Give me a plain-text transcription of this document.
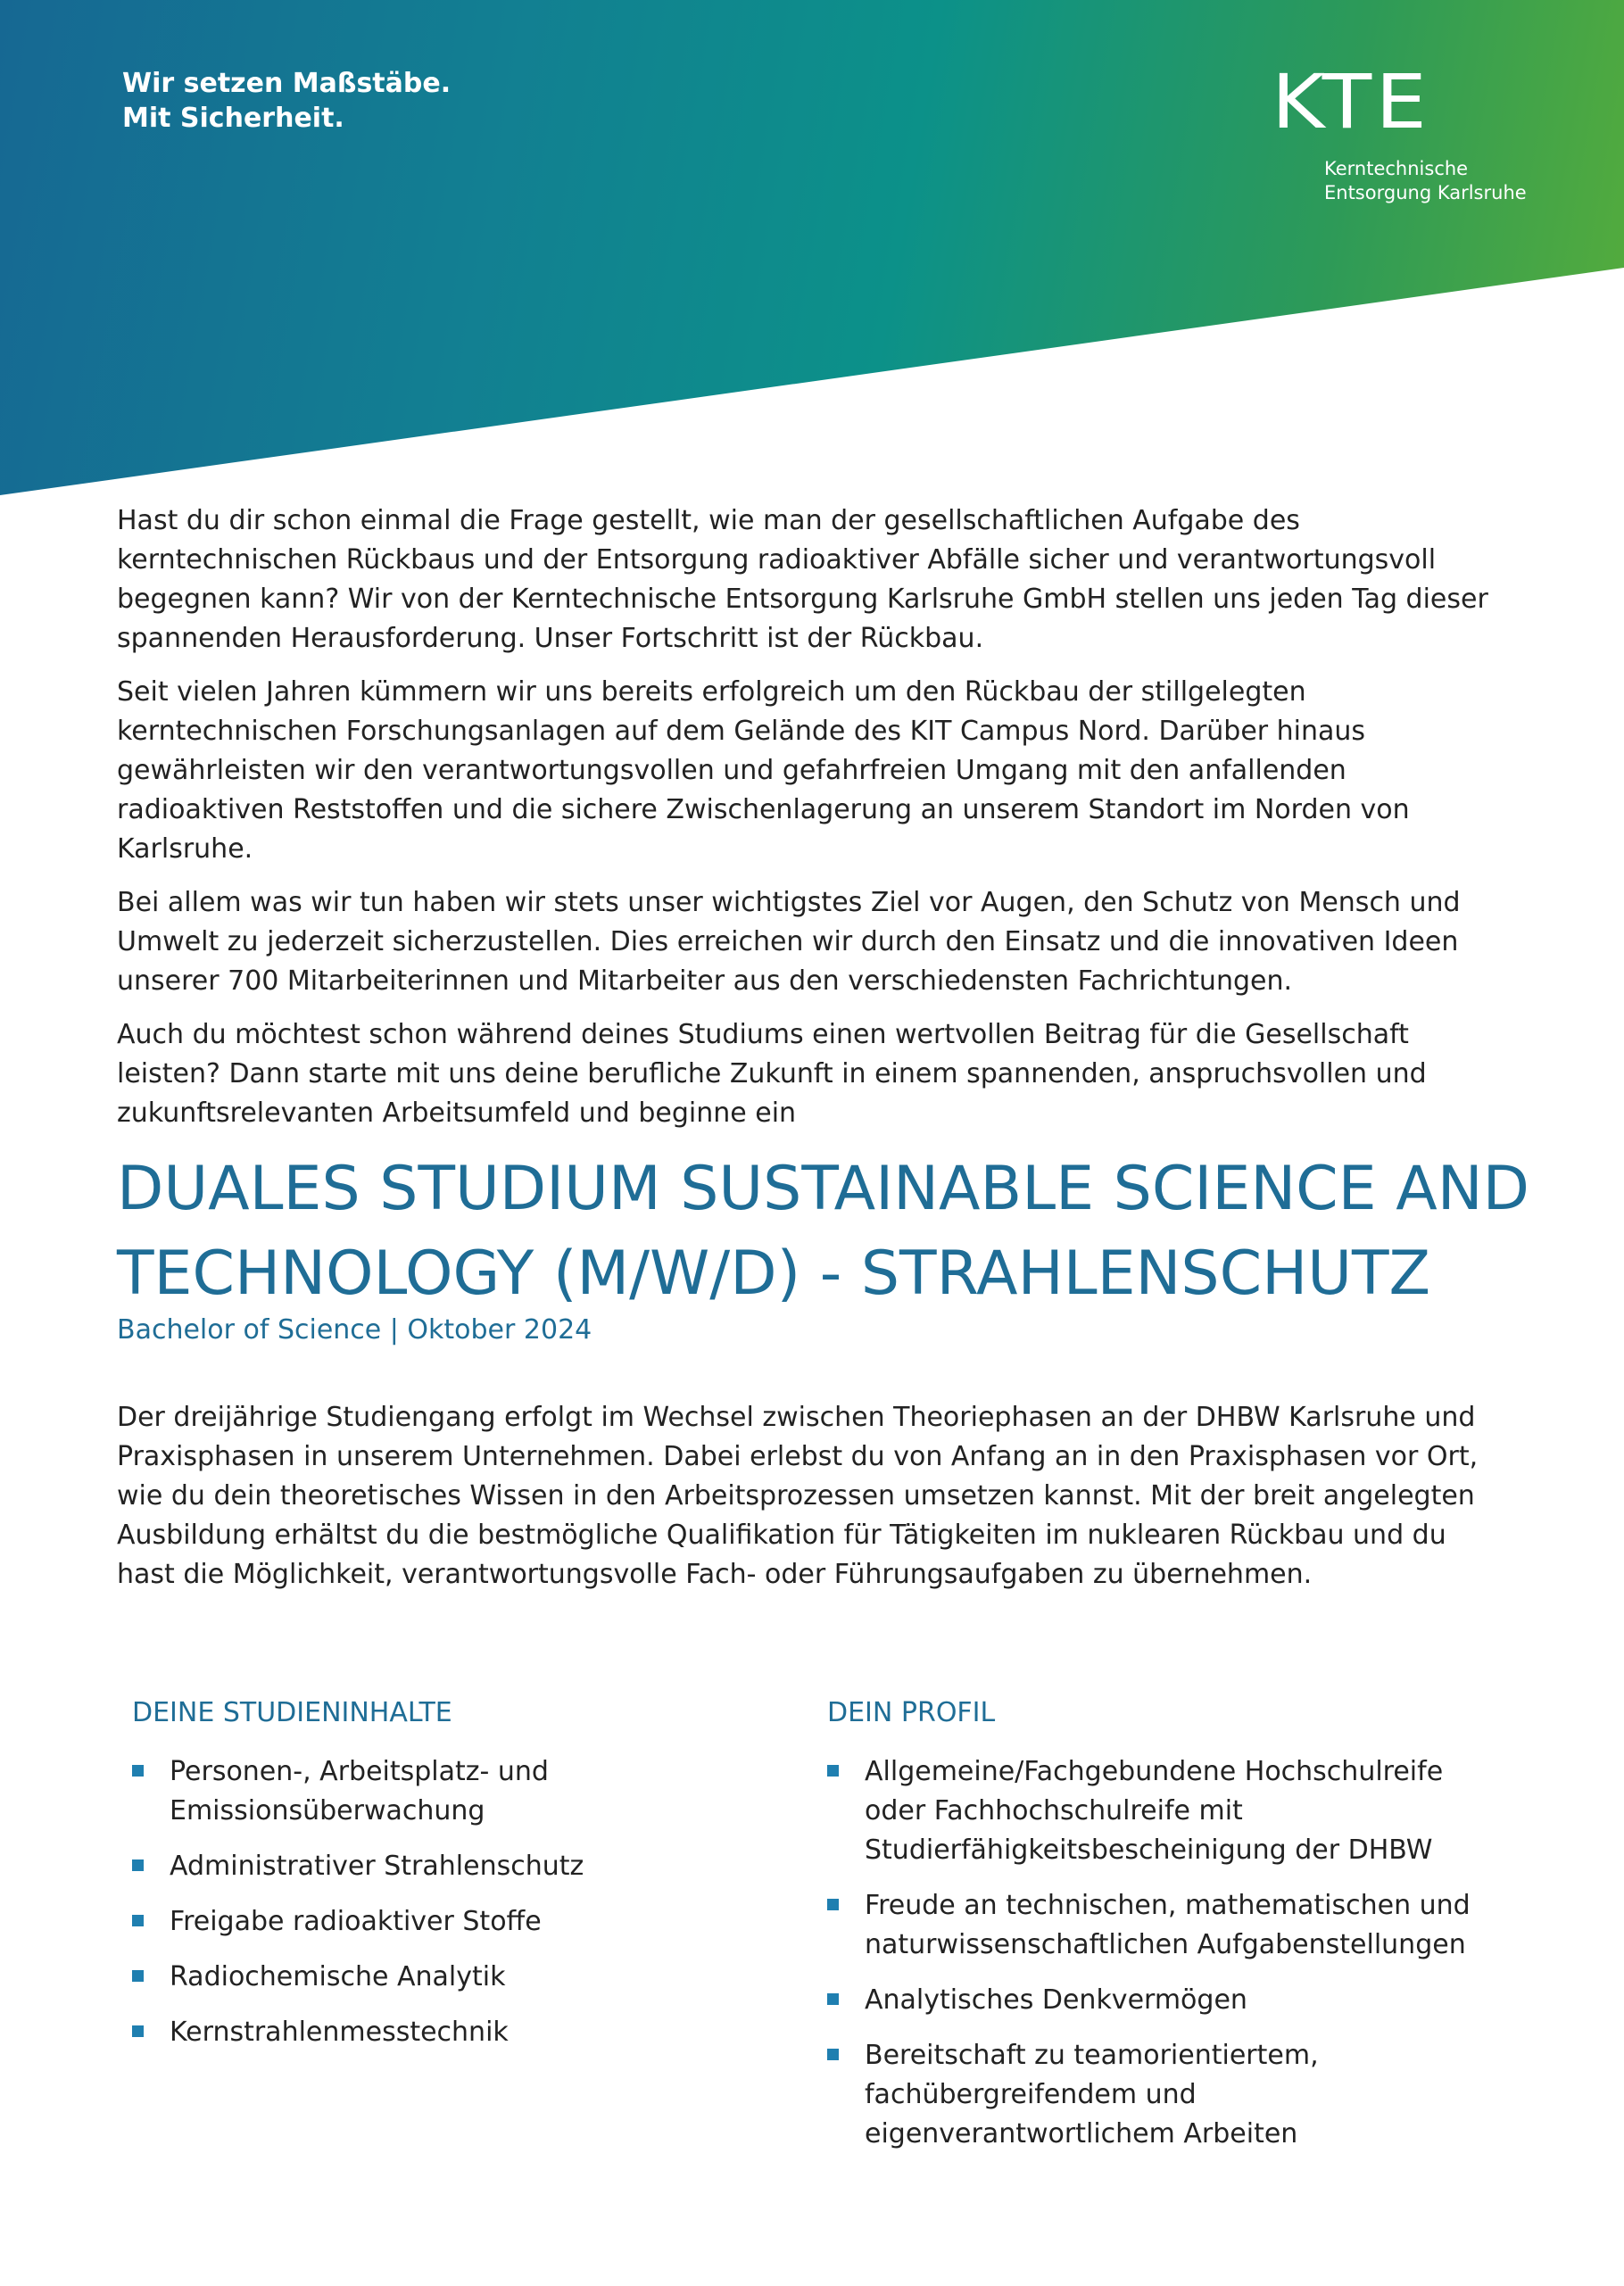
Wir setzen Maßstäbe.
Mit Sicherheit.	KTE
Kerntechnische
Entsorgung Karlsruhe

Hast du dir schon einmal die Frage gestellt, wie man der gesellschaftlichen Aufgabe des kerntechnischen Rückbaus und der Entsorgung radioaktiver Abfälle sicher und verantwortungsvoll begegnen kann? Wir von der Kerntechnische Entsorgung Karlsruhe GmbH stellen uns jeden Tag dieser spannenden Herausforderung. Unser Fortschritt ist der Rückbau.

Seit vielen Jahren kümmern wir uns bereits erfolgreich um den Rückbau der stillgelegten kerntechnischen Forschungsanlagen auf dem Gelände des KIT Campus Nord. Darüber hinaus gewährleisten wir den verantwortungsvollen und gefahrfreien Umgang mit den anfallenden radioaktiven Reststoffen und die sichere Zwischenlagerung an unserem Standort im Norden von Karlsruhe.

Bei allem was wir tun haben wir stets unser wichtigstes Ziel vor Augen, den Schutz von Mensch und Umwelt zu jederzeit sicherzustellen. Dies erreichen wir durch den Einsatz und die innovativen Ideen unserer 700 Mitarbeiterinnen und Mitarbeiter aus den verschiedensten Fachrichtungen.

Auch du möchtest schon während deines Studiums einen wertvollen Beitrag für die Gesellschaft leisten? Dann starte mit uns deine berufliche Zukunft in einem spannenden, anspruchsvollen und zukunftsrelevanten Arbeitsumfeld und beginne ein

DUALES STUDIUM SUSTAINABLE SCIENCE AND
TECHNOLOGY (M/W/D) - STRAHLENSCHUTZ
Bachelor of Science | Oktober 2024

Der dreijährige Studiengang erfolgt im Wechsel zwischen Theoriephasen an der DHBW Karlsruhe und Praxisphasen in unserem Unternehmen. Dabei erlebst du von Anfang an in den Praxisphasen vor Ort, wie du dein theoretisches Wissen in den Arbeitsprozessen umsetzen kannst. Mit der breit angelegten Ausbildung erhältst du die bestmögliche Qualifikation für Tätigkeiten im nuklearen Rückbau und du hast die Möglichkeit, verantwortungsvolle Fach- oder Führungsaufgaben zu übernehmen.

DEINE STUDIENINHALTE
Personen-, Arbeitsplatz- und Emissionsüberwachung
Administrativer Strahlenschutz
Freigabe radioaktiver Stoffe
Radiochemische Analytik
Kernstrahlenmesstechnik
DEIN PROFIL
Allgemeine/Fachgebundene Hochschulreife oder Fachhochschulreife mit Studierfähigkeitsbescheinigung der DHBW
Freude an technischen, mathematischen und naturwissenschaftlichen Aufgabenstellungen
Analytisches Denkvermögen
Bereitschaft zu teamorientiertem, fachübergreifendem und eigenverantwortlichem Arbeiten
